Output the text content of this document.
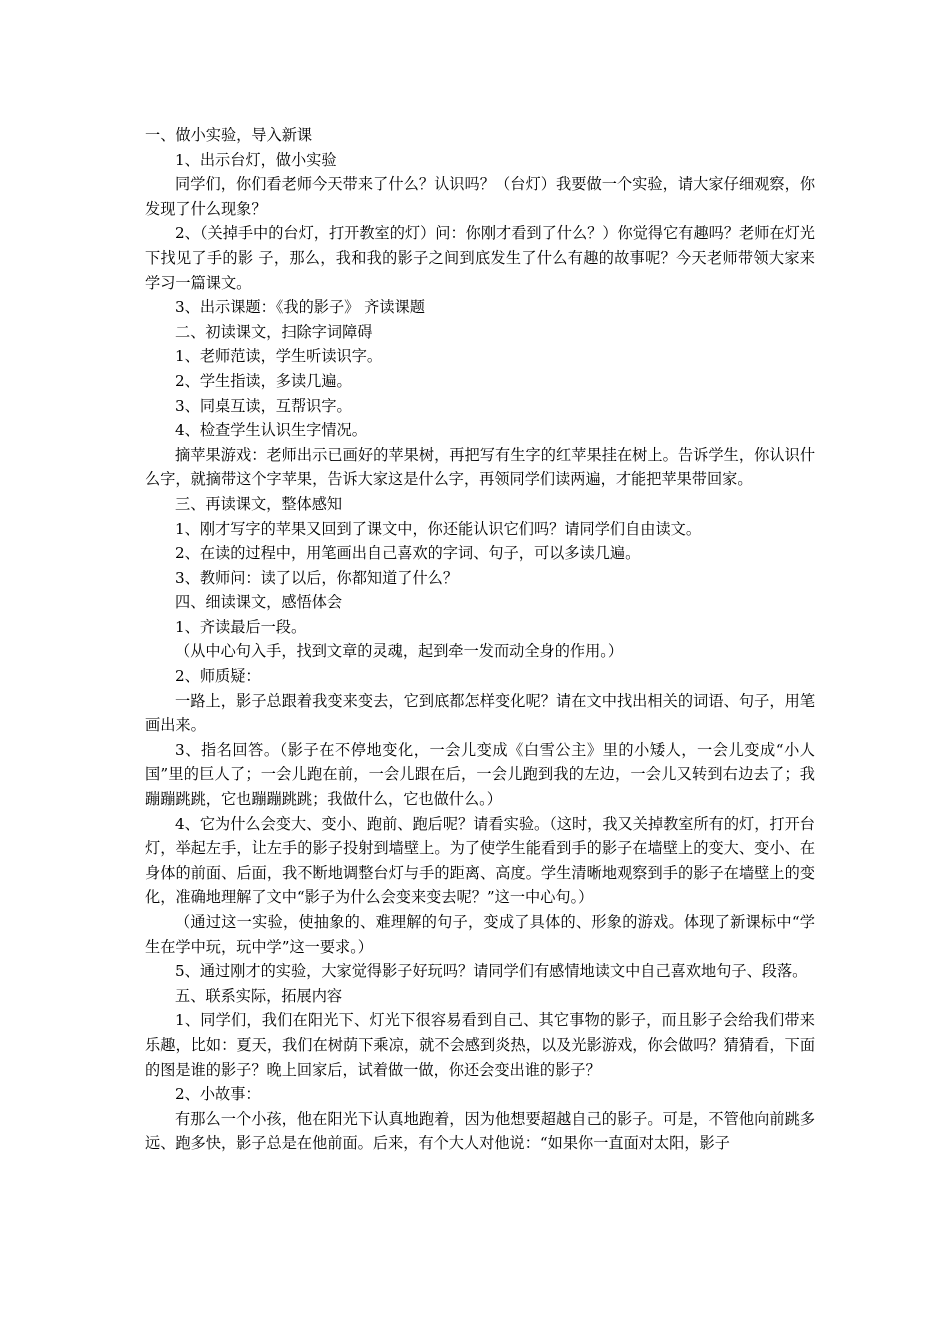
一、做小实验，导入新课

1、出示台灯，做小实验

同学们，你们看老师今天带来了什么？认识吗？（台灯）我要做一个实验，请大家仔细观察，你发现了什么现象？

2、（关掉手中的台灯，打开教室的灯）问：你刚才看到了什么？）你觉得它有趣吗？老师在灯光下找见了手的影 子，那么，我和我的影子之间到底发生了什么有趣的故事呢？今天老师带领大家来学习一篇课文。

3、出示课题：《我的影子》 齐读课题

二、初读课文，扫除字词障碍

1、老师范读，学生听读识字。

2、学生指读，多读几遍。

3、同桌互读，互帮识字。

4、检查学生认识生字情况。

摘苹果游戏：老师出示已画好的苹果树，再把写有生字的红苹果挂在树上。告诉学生，你认识什么字，就摘带这个字苹果，告诉大家这是什么字，再领同学们读两遍，才能把苹果带回家。

三、再读课文，整体感知

1、刚才写字的苹果又回到了课文中，你还能认识它们吗？请同学们自由读文。

2、在读的过程中，用笔画出自己喜欢的字词、句子，可以多读几遍。

3、教师问：读了以后，你都知道了什么？

四、细读课文，感悟体会

1、齐读最后一段。

（从中心句入手，找到文章的灵魂，起到牵一发而动全身的作用。）

2、师质疑：

一路上，影子总跟着我变来变去，它到底都怎样变化呢？请在文中找出相关的词语、句子，用笔画出来。

3、指名回答。（影子在不停地变化，一会儿变成《白雪公主》里的小矮人，一会儿变成“小人国”里的巨人了；一会儿跑在前，一会儿跟在后，一会儿跑到我的左边，一会儿又转到右边去了；我蹦蹦跳跳，它也蹦蹦跳跳；我做什么，它也做什么。）

4、它为什么会变大、变小、跑前、跑后呢？请看实验。（这时，我又关掉教室所有的灯，打开台灯，举起左手，让左手的影子投射到墙壁上。为了使学生能看到手的影子在墙壁上的变大、变小、在身体的前面、后面，我不断地调整台灯与手的距离、高度。学生清晰地观察到手的影子在墙壁上的变化，准确地理解了文中“影子为什么会变来变去呢？”这一中心句。）

（通过这一实验，使抽象的、难理解的句子，变成了具体的、形象的游戏。体现了新课标中“学生在学中玩，玩中学”这一要求。）

5、通过刚才的实验，大家觉得影子好玩吗？请同学们有感情地读文中自己喜欢地句子、段落。

五、联系实际，拓展内容

1、同学们，我们在阳光下、灯光下很容易看到自己、其它事物的影子，而且影子会给我们带来乐趣，比如：夏天，我们在树荫下乘凉，就不会感到炎热，以及光影游戏，你会做吗？猜猜看，下面的图是谁的影子？晚上回家后，试着做一做，你还会变出谁的影子？

2、小故事：

有那么一个小孩，他在阳光下认真地跑着，因为他想要超越自己的影子。可是，不管他向前跳多远、跑多快，影子总是在他前面。后来，有个大人对他说：“如果你一直面对太阳，影子
